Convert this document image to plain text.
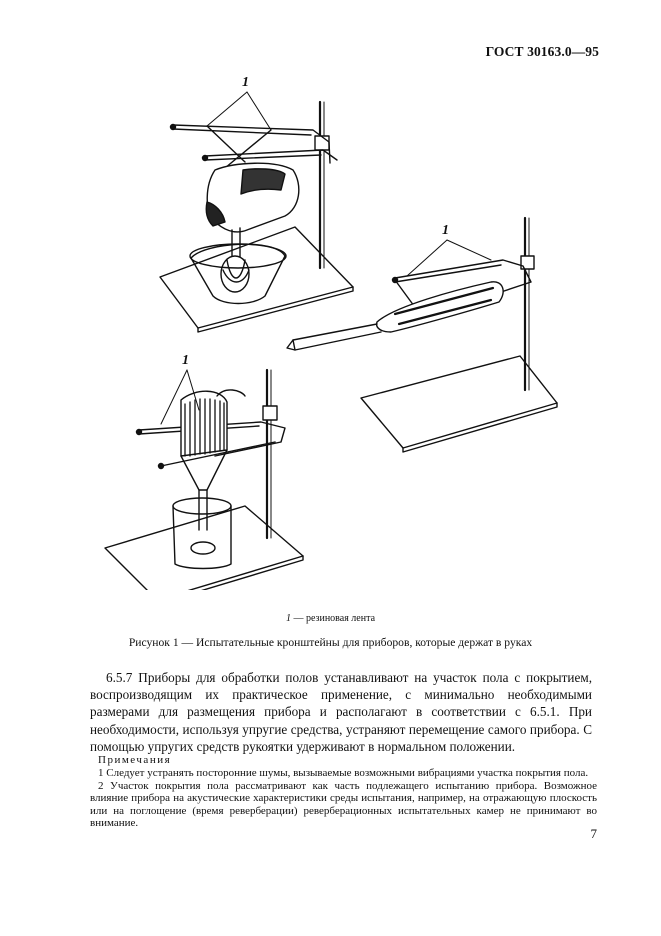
ГОСТ 30163.0—95
1
1
1
1 — резиновая лента
Рисунок 1 — Испытательные кронштейны для приборов, которые держат в руках

6.5.7 Приборы для обработки полов устанавливают на участок пола с покрытием, воспроизводящим их практическое применение, с минимально необходимыми размерами для размещения прибора и располагают в соответствии с 6.5.1. При необходимости, используя упругие средства, устраняют перемещение самого прибора. С помощью упругих средств рукоятки удерживают в нормальном положении.

Примечания

1 Следует устранять посторонние шумы, вызываемые возможными вибрациями участка покрытия пола.

2 Участок покрытия пола рассматривают как часть подлежащего испытанию прибора. Возможное влияние прибора на акустические характеристики среды испытания, например, на отражающую плоскость или на поглощение (время реверберации) реверберационных испытательных камер не принимают во внимание.

7
